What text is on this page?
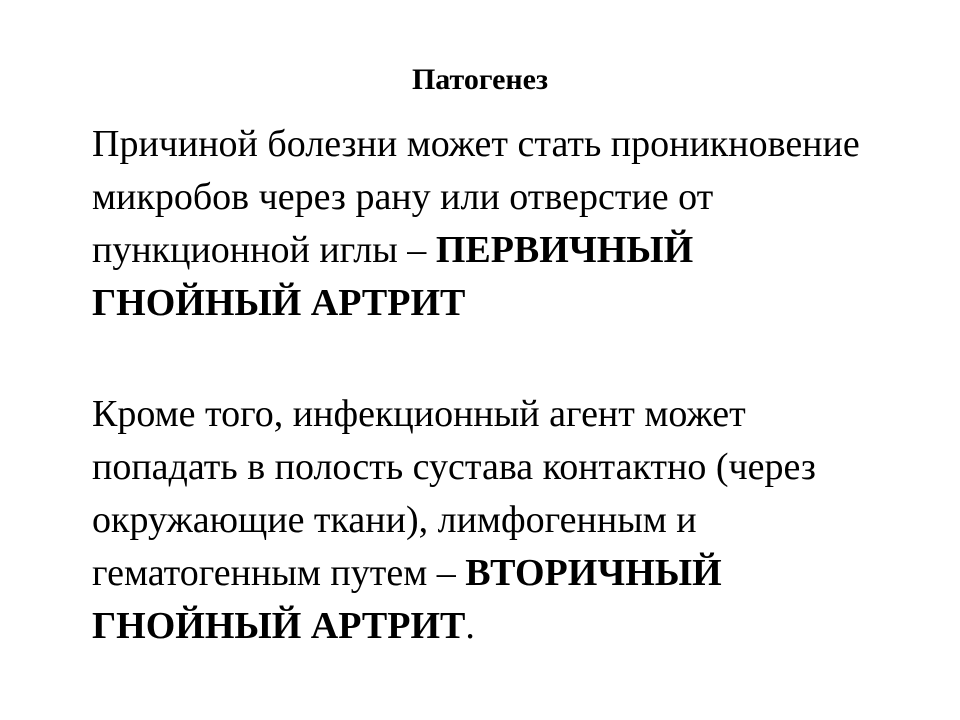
Патогенез
Причиной болезни может стать проникновение микробов через рану или отверстие от пункционной иглы – ПЕРВИЧНЫЙ ГНОЙНЫЙ АРТРИТ
Кроме того, инфекционный агент может попадать в полость сустава контактно (через окружающие ткани), лимфогенным и гематогенным путем – ВТОРИЧНЫЙ ГНОЙНЫЙ АРТРИТ.
